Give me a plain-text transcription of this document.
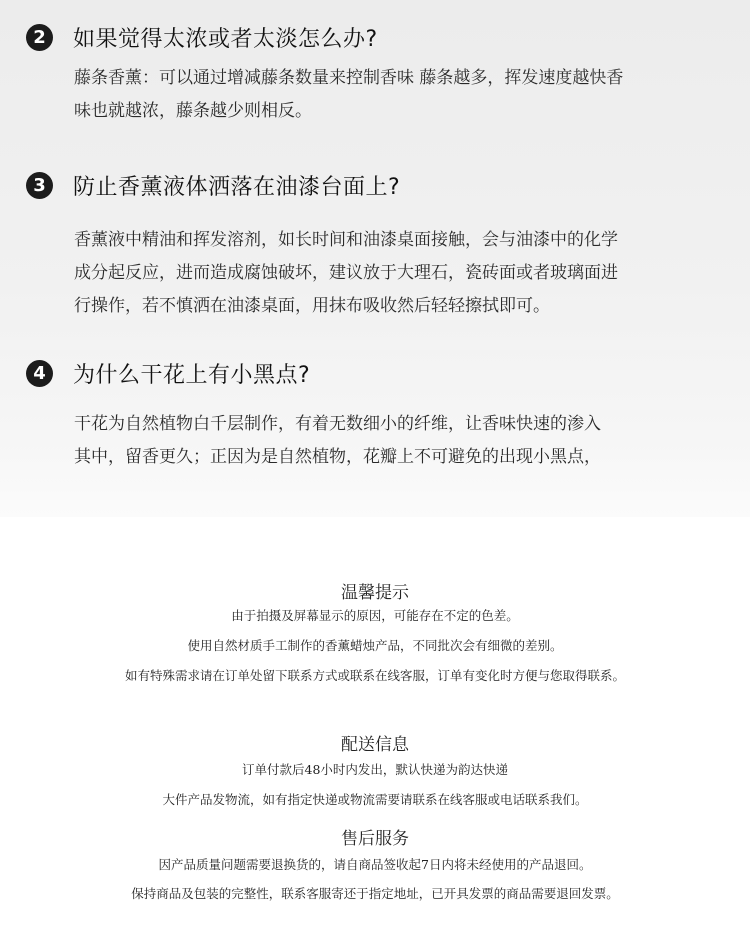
2	如果觉得太浓或者太淡怎么办?

藤条香薰：可以通过增减藤条数量来控制香味 藤条越多，挥发速度越快香
味也就越浓，藤条越少则相反。

3	防止香薰液体洒落在油漆台面上?

香薰液中精油和挥发溶剂，如长时间和油漆桌面接触，会与油漆中的化学
成分起反应，进而造成腐蚀破坏，建议放于大理石，瓷砖面或者玻璃面进
行操作，若不慎洒在油漆桌面，用抹布吸收然后轻轻擦拭即可。

4	为什么干花上有小黑点?

干花为自然植物白千层制作，有着无数细小的纤维，让香味快速的渗入
其中，留香更久；正因为是自然植物，花瓣上不可避免的出现小黑点，

温馨提示
由于拍摄及屏幕显示的原因，可能存在不定的色差。
使用自然材质手工制作的香薰蜡烛产品，不同批次会有细微的差别。
如有特殊需求请在订单处留下联系方式或联系在线客服，订单有变化时方便与您取得联系。
配送信息
订单付款后48小时内发出，默认快递为韵达快递
大件产品发物流，如有指定快递或物流需要请联系在线客服或电话联系我们。
售后服务
因产品质量问题需要退换货的，请自商品签收起7日内将未经使用的产品退回。
保持商品及包装的完整性，联系客服寄还于指定地址，已开具发票的商品需要退回发票。
